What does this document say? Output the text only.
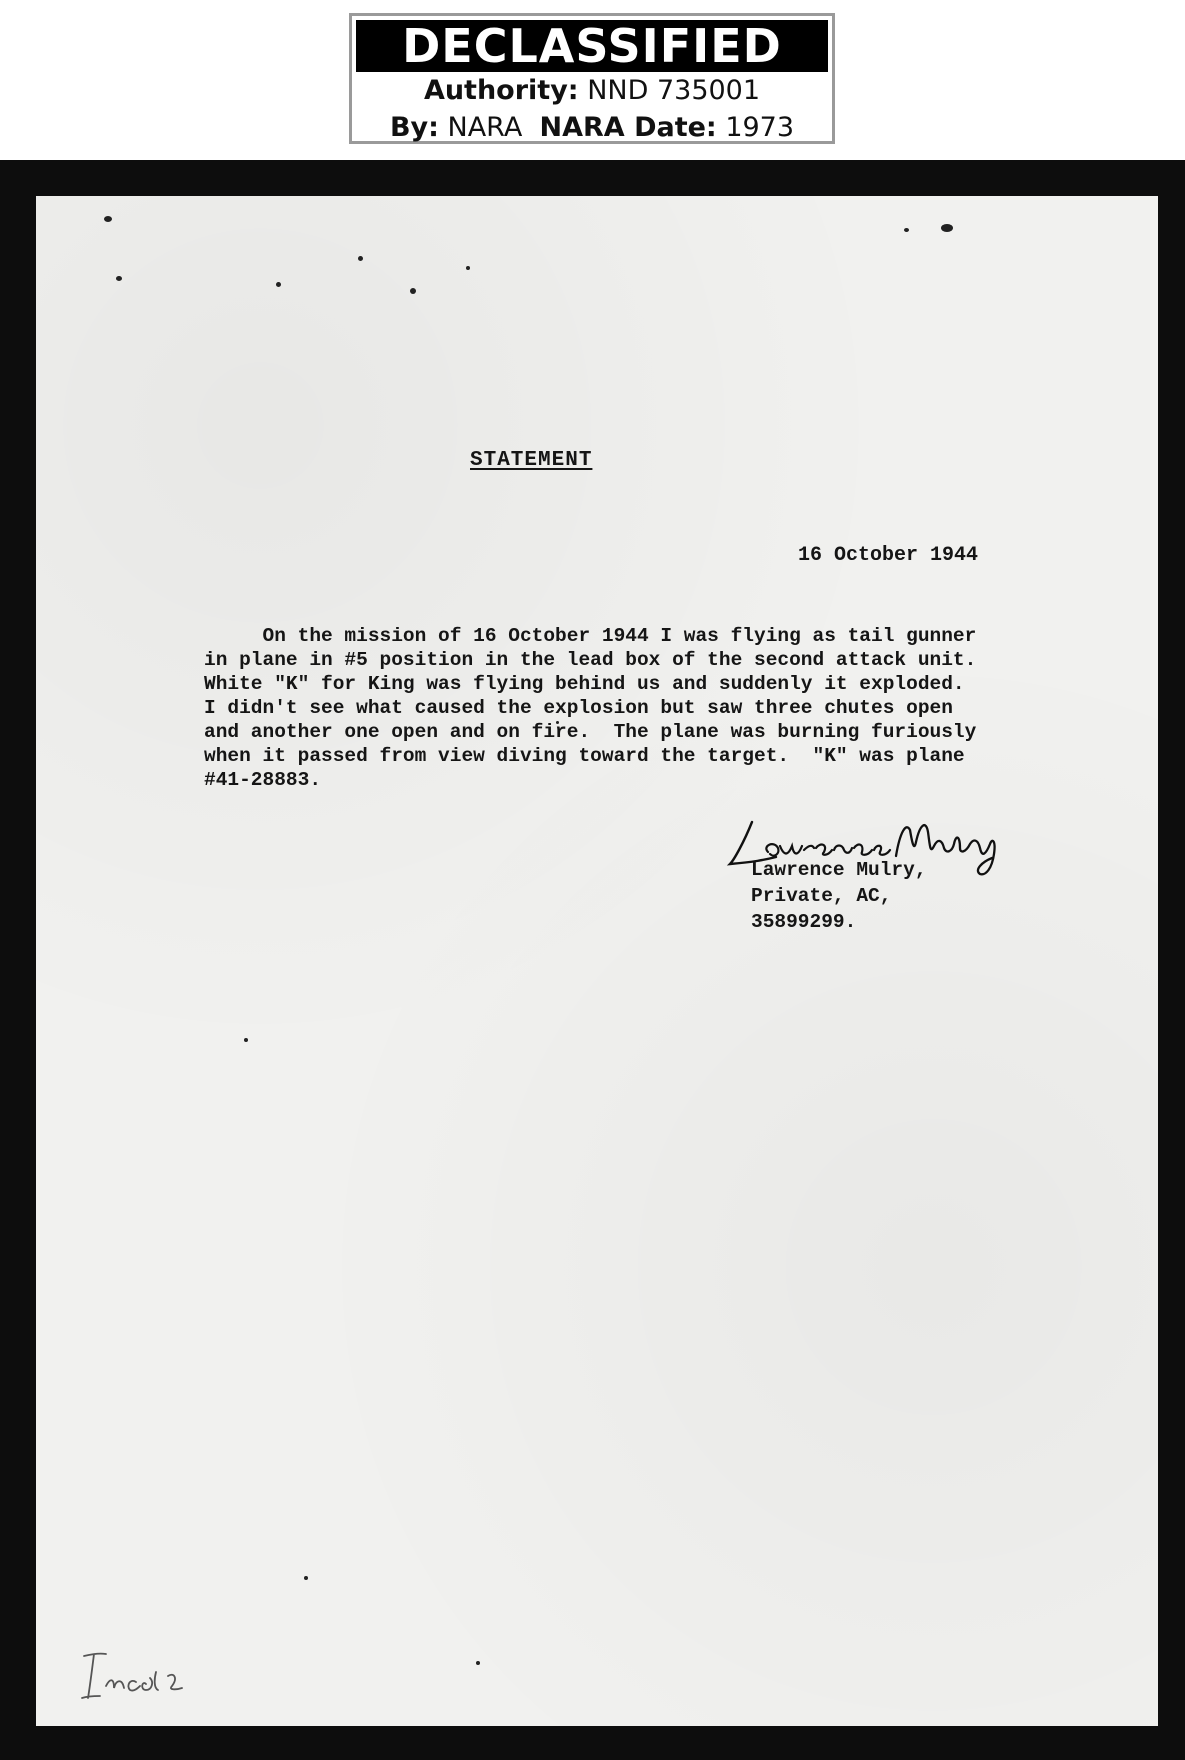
DECLASSIFIED
Authority: NND 735001
By: NARA NARA Date: 1973
STATEMENT
16 October 1944
On the mission of 16 October 1944 I was flying as tail gunner
in plane in #5 position in the lead box of the second attack unit.
White "K" for King was flying behind us and suddenly it exploded.
I didn't see what caused the explosion but saw three chutes open
and another one open and on fire.  The plane was burning furiously
when it passed from view diving toward the target.  "K" was plane
#41-28883.
Lawrence Mulry,
Private, AC,
35899299.
